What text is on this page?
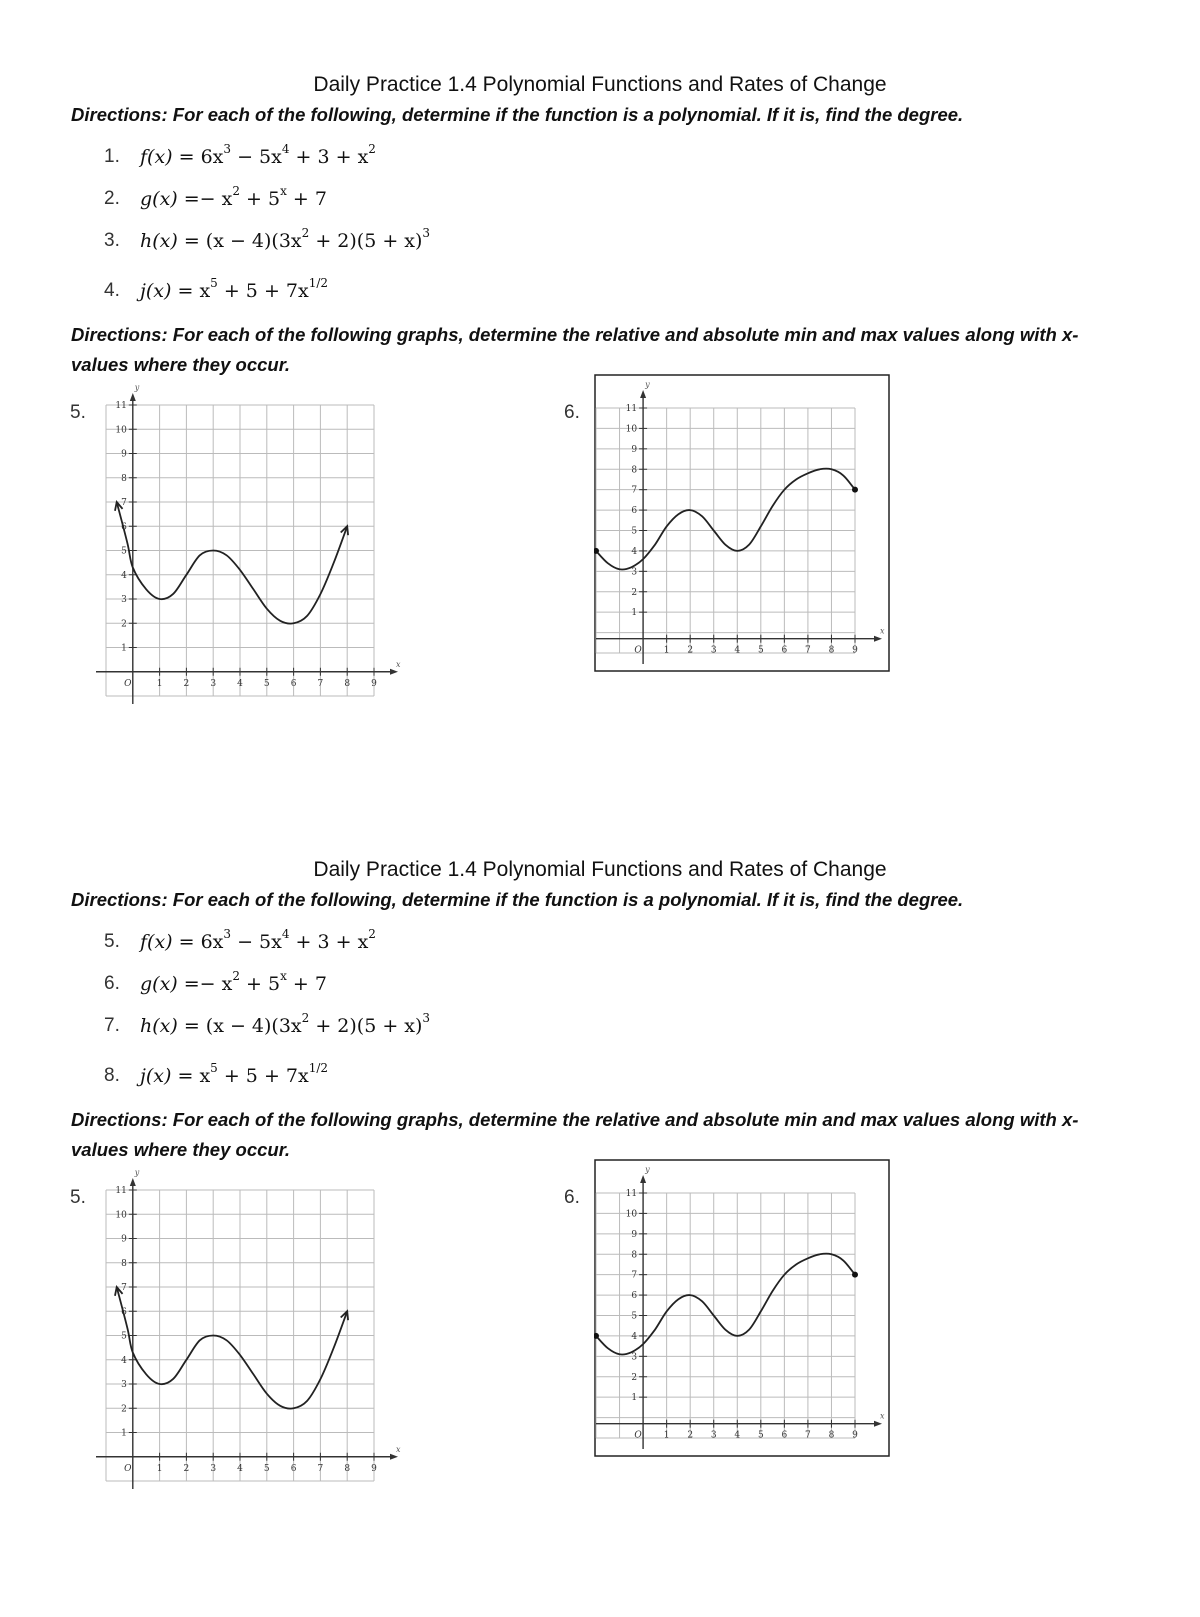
Daily Practice 1.4 Polynomial Functions and Rates of Change
Directions: For each of the following, determine if the function is a polynomial. If it is, find the degree.
1. $f(x) = 6x^3 - 5x^4 + 3 + x^2$
2. $g(x) =- x^2 + 5^x + 7$
3. $h(x) = (x - 4)(3x^2 + 2)(5 + x)^3$
4. $j(x) = x^5 + 5 + 7x^{1/2}$
Directions: For each of the following graphs, determine the relative and absolute min and max values along with x-values where they occur.
5.	6.
1
2
3
4
5
6
7
8
9
10
11
O	1 2 3 4 5 6 7 8 9
x
y
1
2
3
4
5
6
7
8
9
10
11
O 1 2 3 4 5 6 7 8 9
x
y
Daily Practice 1.4 Polynomial Functions and Rates of Change
Directions: For each of the following, determine if the function is a polynomial. If it is, find the degree.
5. $f(x) = 6x^3 - 5x^4 + 3 + x^2$
6. $g(x) =- x^2 + 5^x + 7$
7. $h(x) = (x - 4)(3x^2 + 2)(5 + x)^3$
8. $j(x) = x^5 + 5 + 7x^{1/2}$
Directions: For each of the following graphs, determine the relative and absolute min and max values along with x-values where they occur.
5.	6.
1
2
3
4
5
6
7
8
9
10
11
O	1 2 3 4 5 6 7 8 9
x
y
1
2
3
4
5
6
7
8
9
10
11
O 1 2 3 4 5 6 7 8 9
x
y
